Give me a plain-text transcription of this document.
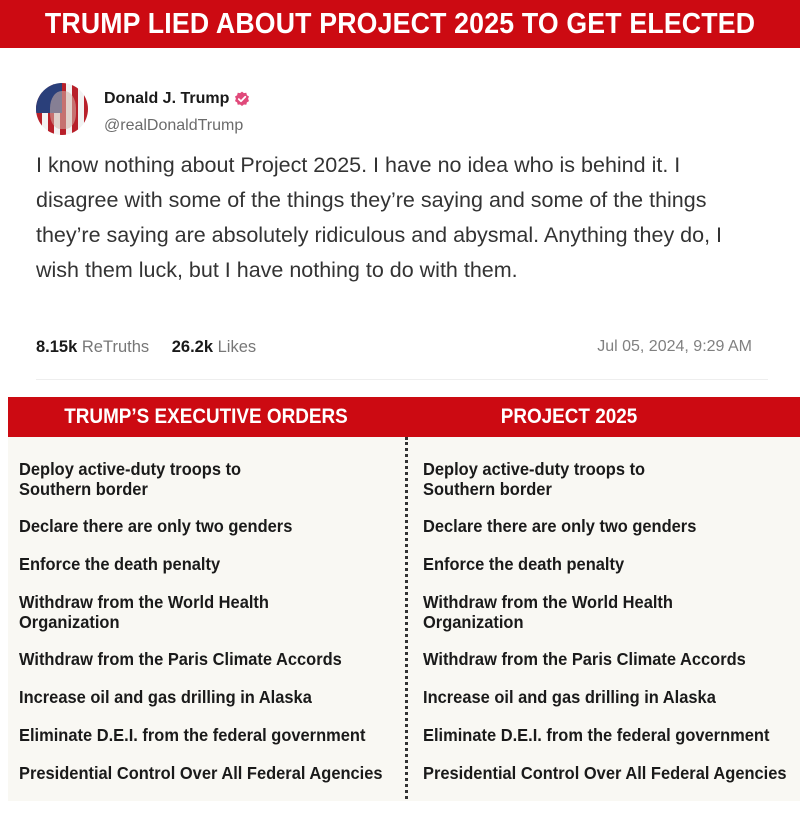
TRUMP LIED ABOUT PROJECT 2025 TO GET ELECTED
Donald J. Trump
@realDonaldTrump
I know nothing about Project 2025. I have no idea who is behind it. I disagree with some of the things they’re saying and some of the things they’re saying are absolutely ridiculous and abysmal. Anything they do, I wish them luck, but I have nothing to do with them.
8.15k ReTruths 26.2k Likes	Jul 05, 2024, 9:29 AM
TRUMP’S EXECUTIVE ORDERS	PROJECT 2025
Deploy active-duty troops to
Southern border
Declare there are only two genders
Enforce the death penalty
Withdraw from the World Health
Organization
Withdraw from the Paris Climate Accords
Increase oil and gas drilling in Alaska
Eliminate D.E.I. from the federal government
Presidential Control Over All Federal Agencies
Deploy active-duty troops to
Southern border
Declare there are only two genders
Enforce the death penalty
Withdraw from the World Health
Organization
Withdraw from the Paris Climate Accords
Increase oil and gas drilling in Alaska
Eliminate D.E.I. from the federal government
Presidential Control Over All Federal Agencies
